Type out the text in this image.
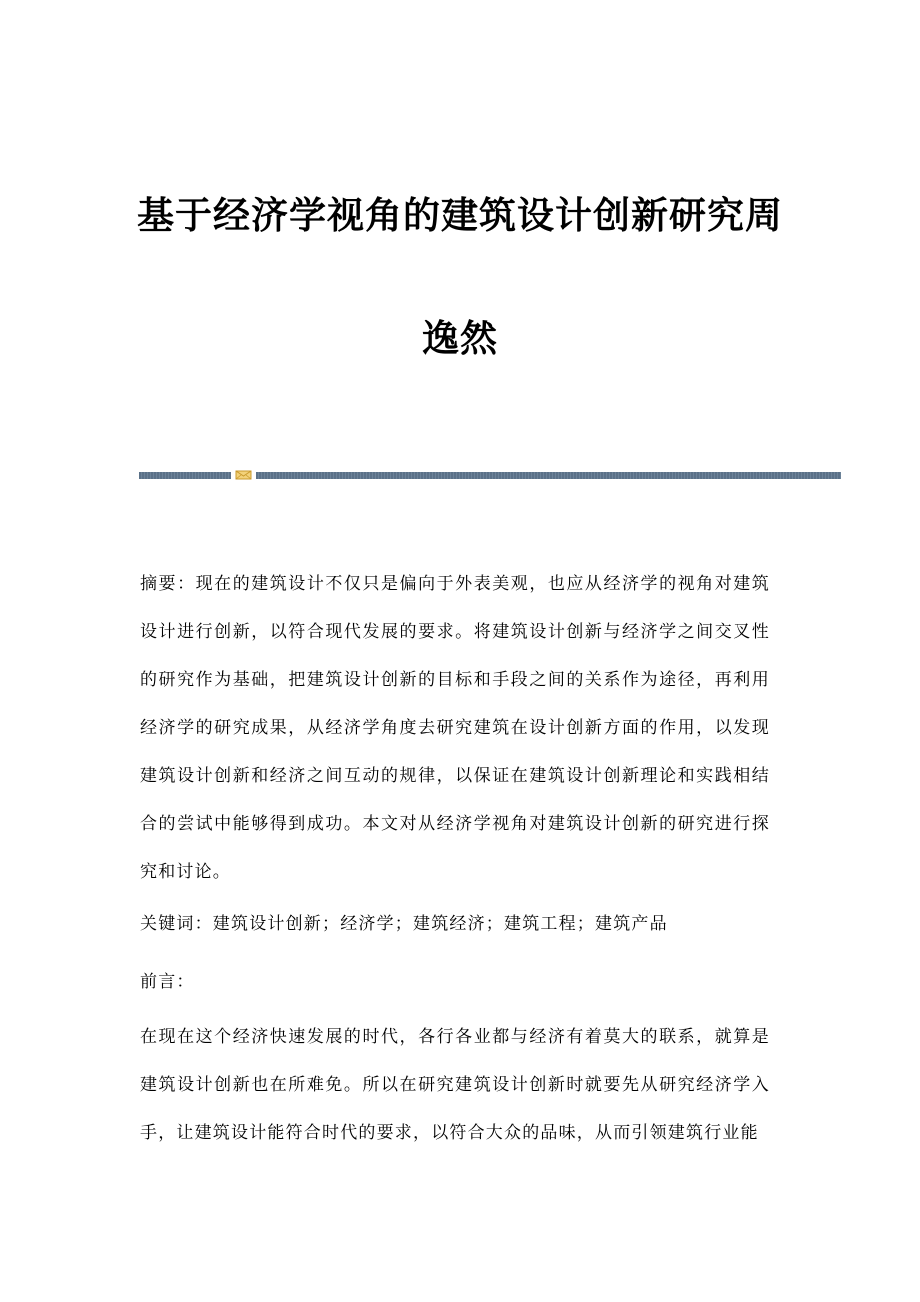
基于经济学视角的建筑设计创新研究周
逸然

摘要：现在的建筑设计不仅只是偏向于外表美观，也应从经济学的视角对建筑设计进行创新，以符合现代发展的要求。将建筑设计创新与经济学之间交叉性的研究作为基础，把建筑设计创新的目标和手段之间的关系作为途径，再利用经济学的研究成果，从经济学角度去研究建筑在设计创新方面的作用，以发现建筑设计创新和经济之间互动的规律，以保证在建筑设计创新理论和实践相结合的尝试中能够得到成功。本文对从经济学视角对建筑设计创新的研究进行探究和讨论。

关键词：建筑设计创新；经济学；建筑经济；建筑工程；建筑产品

前言：

在现在这个经济快速发展的时代，各行各业都与经济有着莫大的联系，就算是建筑设计创新也在所难免。所以在研究建筑设计创新时就要先从研究经济学入手，让建筑设计能符合时代的要求，以符合大众的品味，从而引领建筑行业能
